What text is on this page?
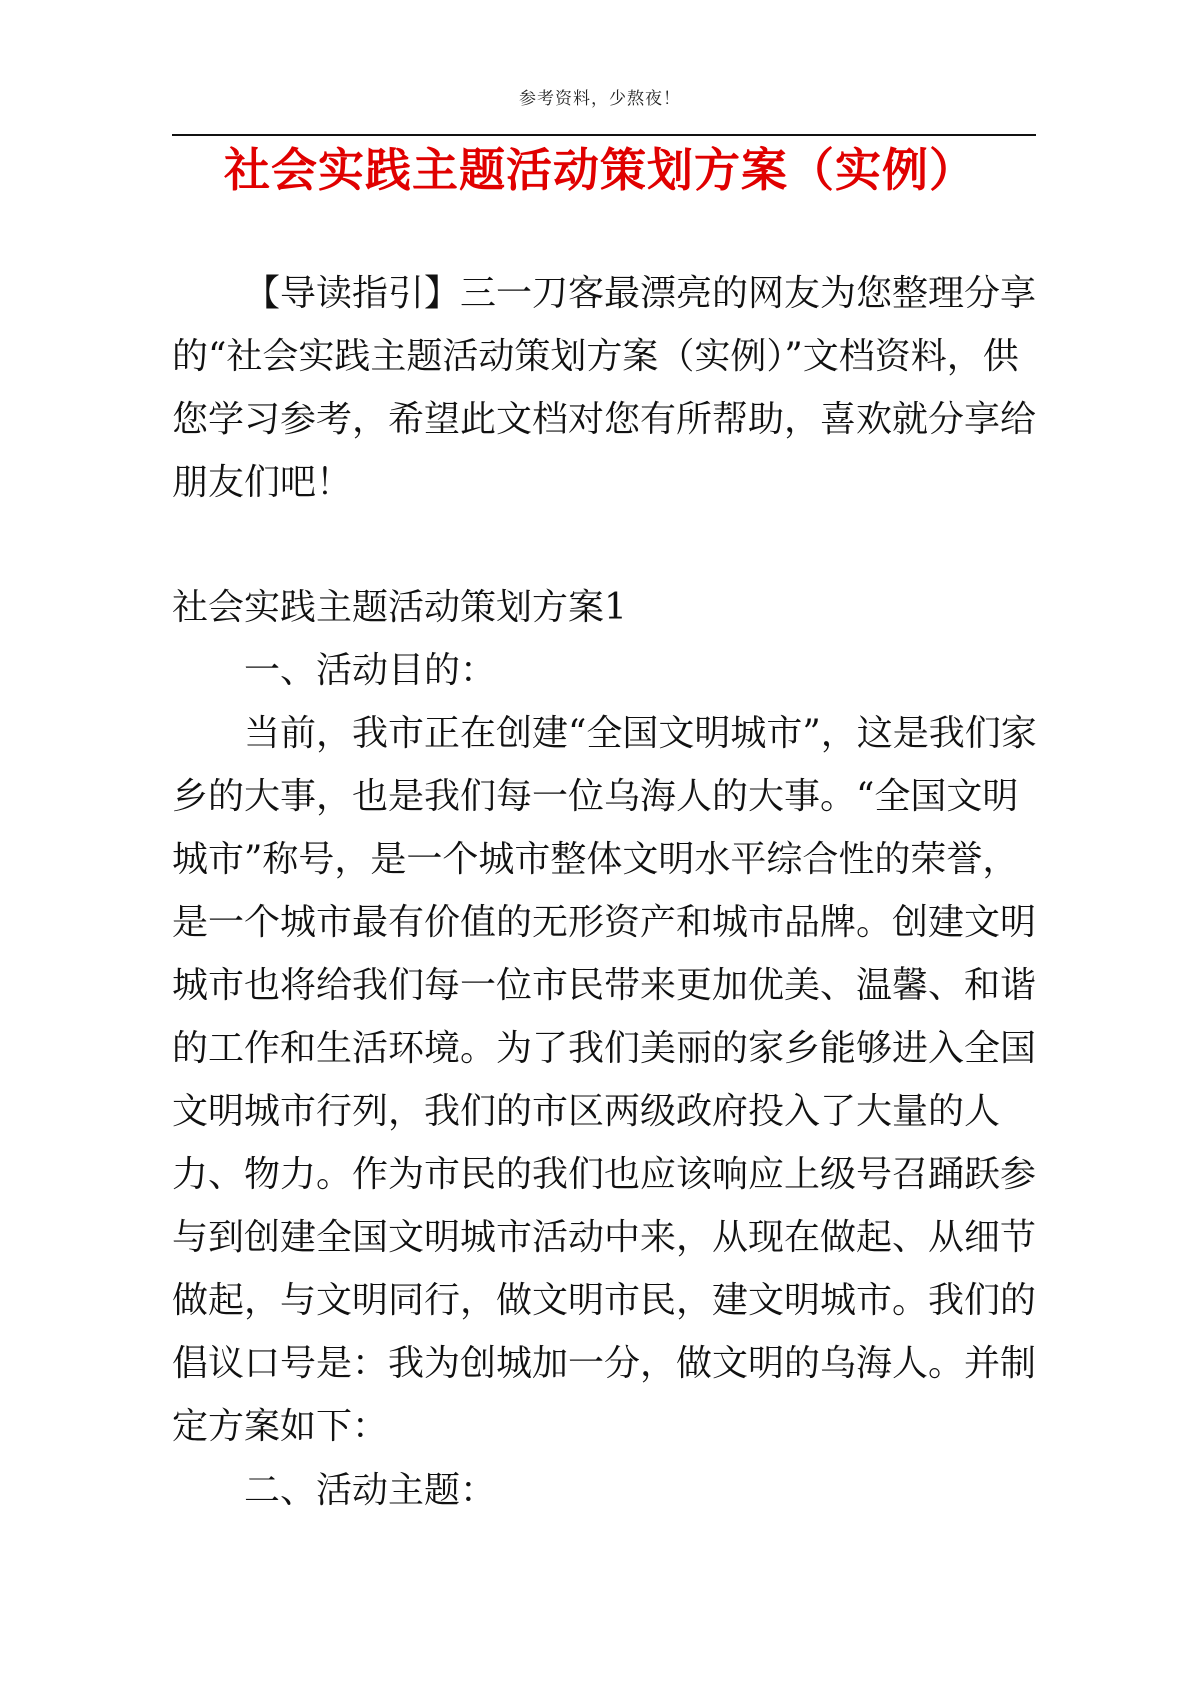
参考资料，少熬夜！
社会实践主题活动策划方案（实例）

【导读指引】三一刀客最漂亮的网友为您整理分享的“社会实践主题活动策划方案（实例）”文档资料，供您学习参考，希望此文档对您有所帮助，喜欢就分享给朋友们吧！

社会实践主题活动策划方案1

一、活动目的：

当前，我市正在创建“全国文明城市”，这是我们家乡的大事，也是我们每一位乌海人的大事。“全国文明城市”称号，是一个城市整体文明水平综合性的荣誉，是一个城市最有价值的无形资产和城市品牌。创建文明城市也将给我们每一位市民带来更加优美、温馨、和谐的工作和生活环境。为了我们美丽的家乡能够进入全国文明城市行列，我们的市区两级政府投入了大量的人力、物力。作为市民的我们也应该响应上级号召踊跃参与到创建全国文明城市活动中来，从现在做起、从细节做起，与文明同行，做文明市民，建文明城市。我们的倡议口号是：我为创城加一分，做文明的乌海人。并制定方案如下：

二、活动主题：
